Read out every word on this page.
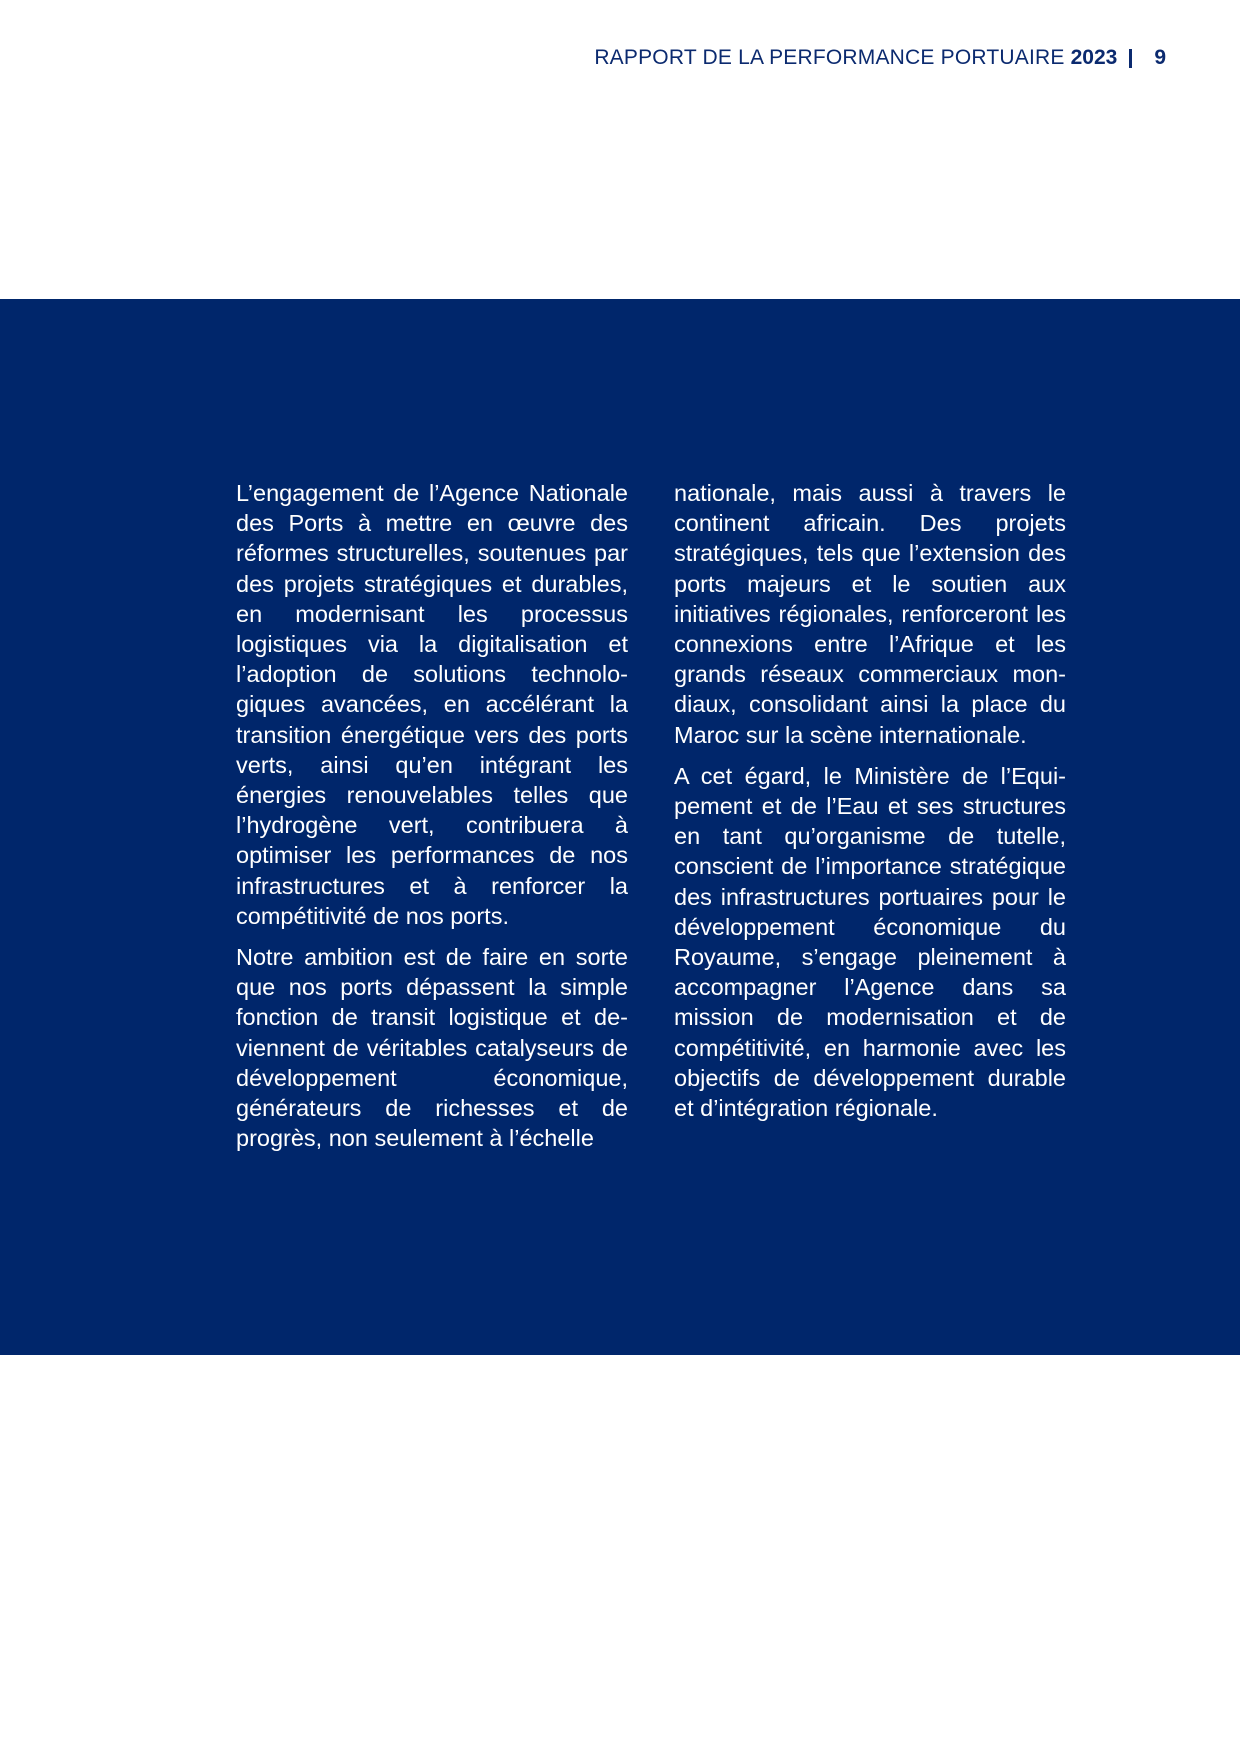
RAPPORT DE LA PERFORMANCE PORTUAIRE 2023 9

L’engagement de l’Agence Nationale des Ports à mettre en œuvre des réformes structurelles, soutenues par des projets stratégiques et durables, en modernisant les processus logistiques via la digitalisation et l’adoption de solutions technologiques avancées, en accélérant la transition énergétique vers des ports verts, ainsi qu’en intégrant les énergies renouvelables telles que l’hydrogène vert, contribuera à optimiser les performances de nos infrastructures et à renforcer la compétitivité de nos ports.

Notre ambition est de faire en sorte que nos ports dépassent la simple fonction de transit logistique et deviennent de véritables catalyseurs de développement économique, générateurs de richesses et de progrès, non seulement à l’échelle

nationale, mais aussi à travers le continent africain. Des projets stratégiques, tels que l’extension des ports majeurs et le soutien aux initiatives régionales, renforceront les connexions entre l’Afrique et les grands réseaux commerciaux mondiaux, consolidant ainsi la place du Maroc sur la scène internationale.

A cet égard, le Ministère de l’Equipement et de l’Eau et ses structures en tant qu’organisme de tutelle, conscient de l’importance stratégique des infrastructures portuaires pour le développement économique du Royaume, s’engage pleinement à accompagner l’Agence dans sa mission de modernisation et de compétitivité, en harmonie avec les objectifs de développement durable et d’intégration régionale.
